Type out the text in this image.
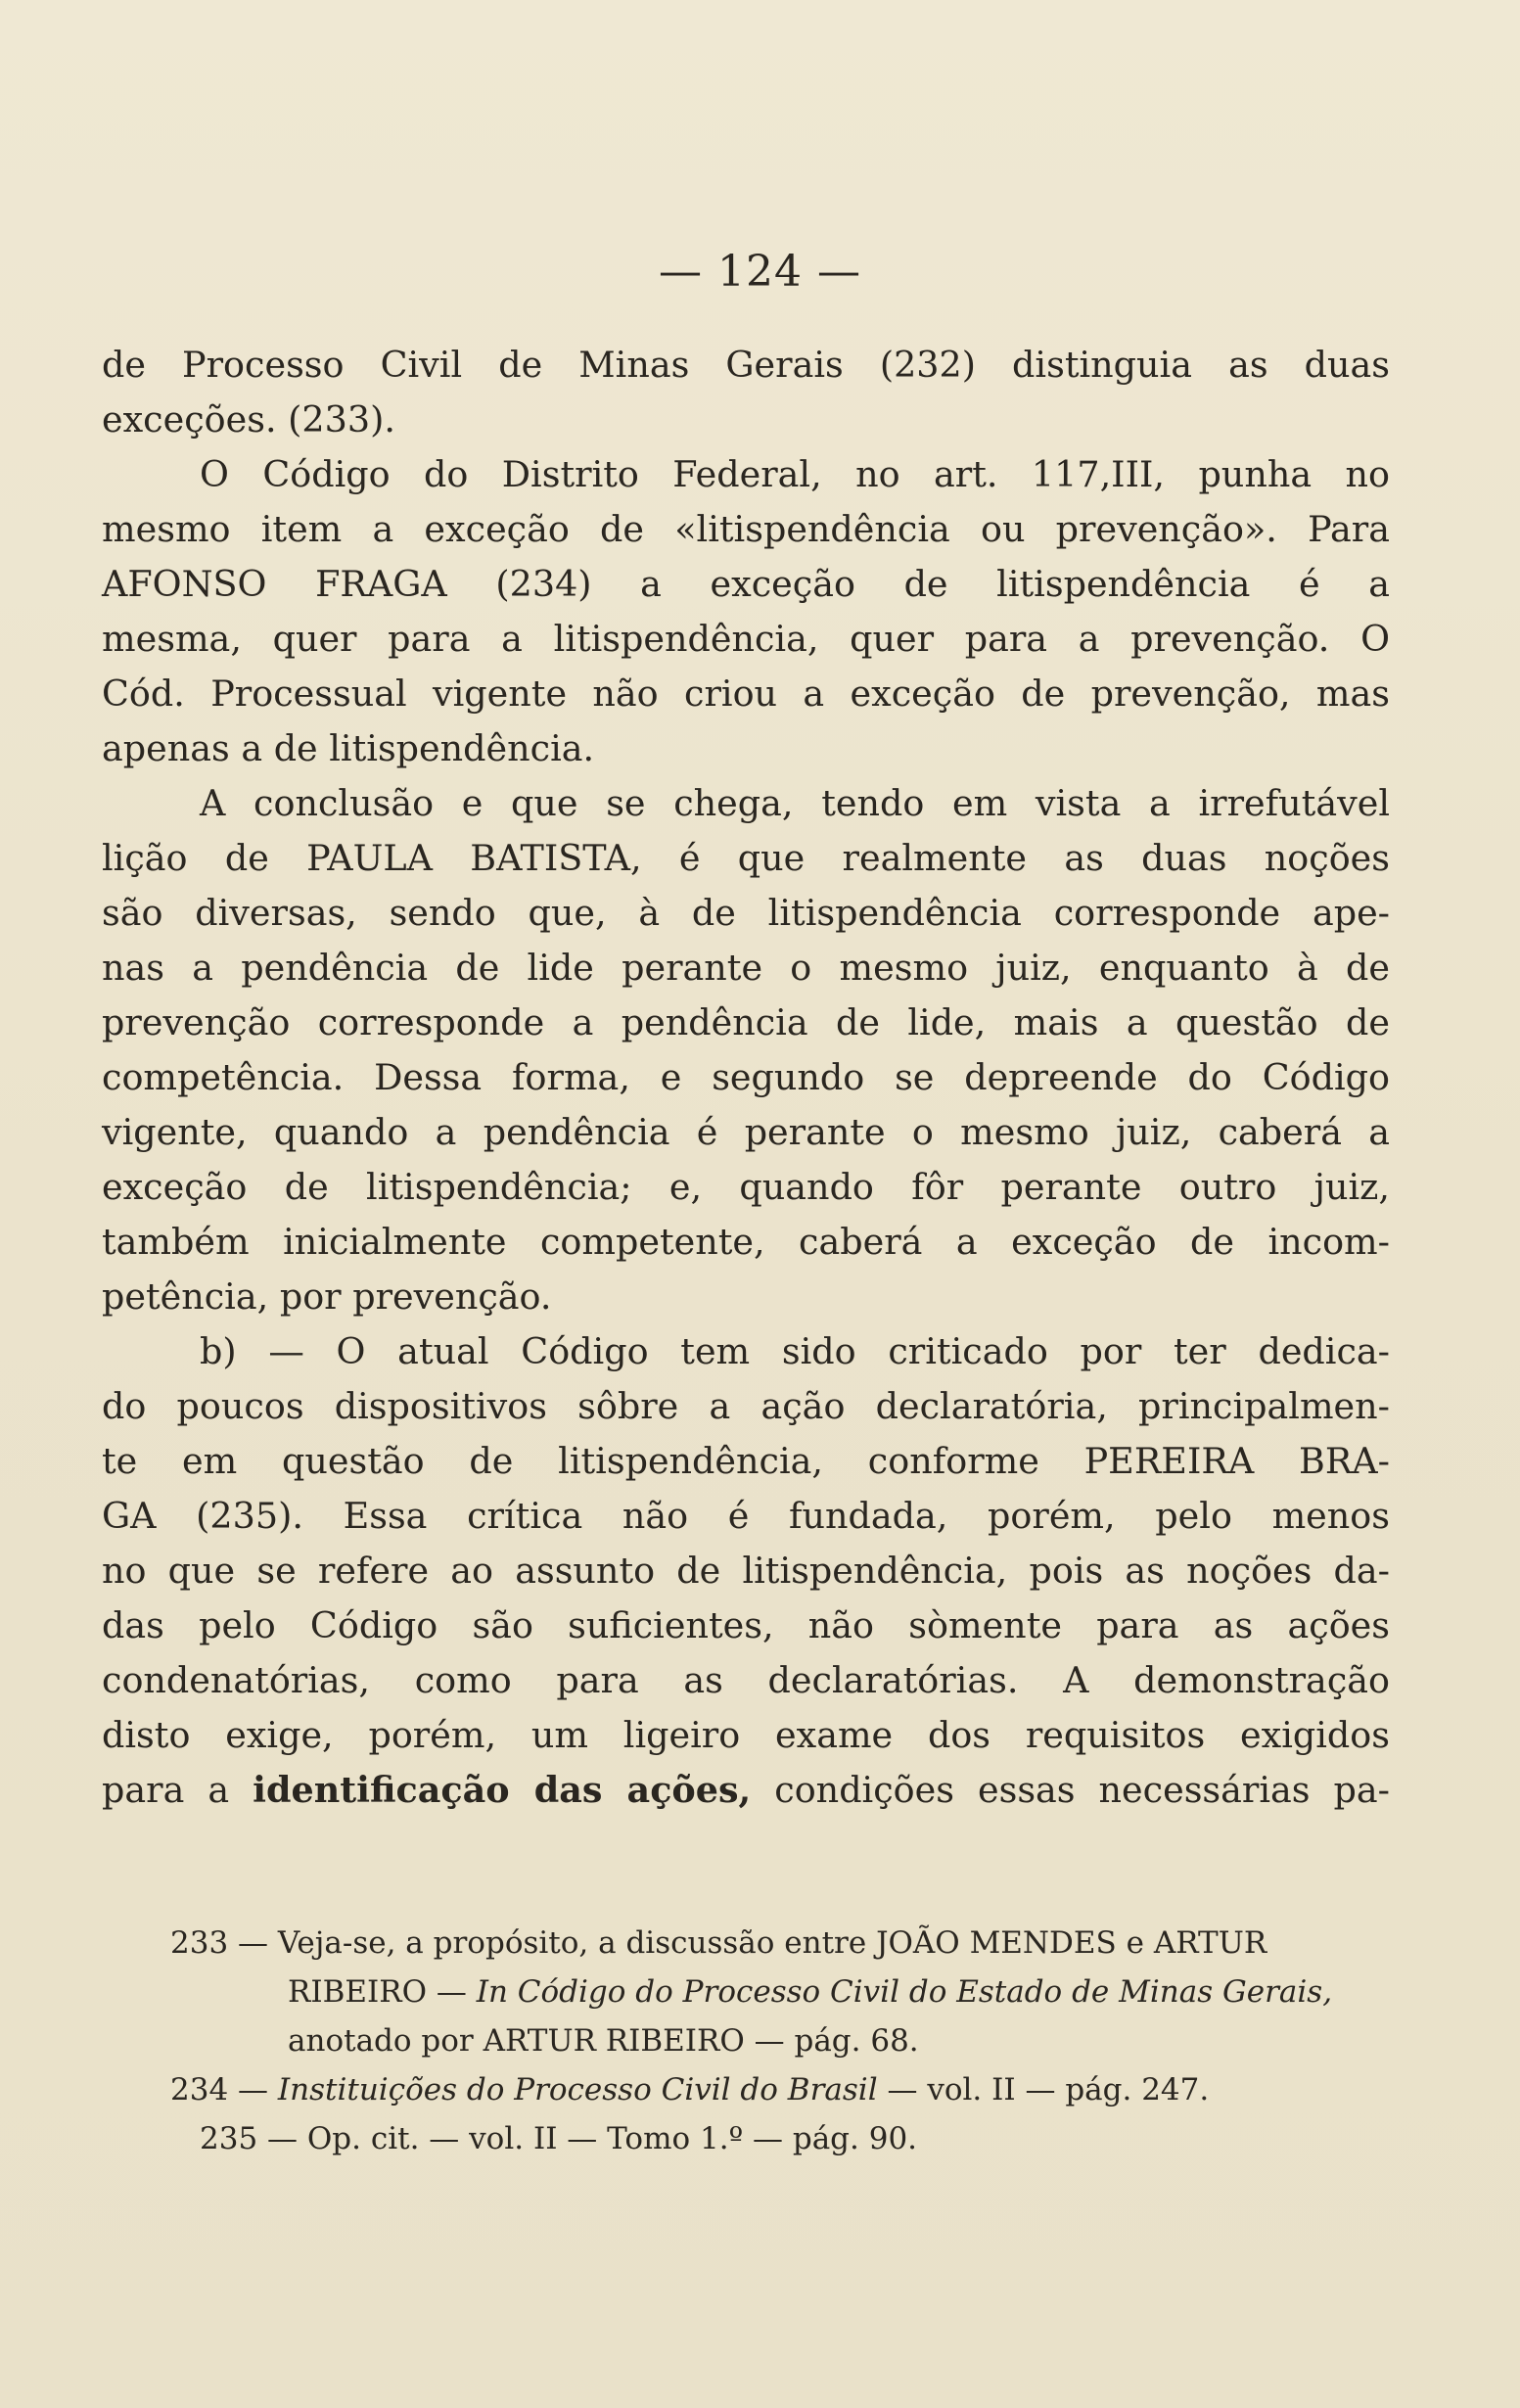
— 124 —
de Processo Civil de Minas Gerais (232) distinguia as duas
exceções. (233).
O Código do Distrito Federal, no art. 117,III, punha no
mesmo item a exceção de «litispendência ou prevenção». Para
AFONSO FRAGA (234) a exceção de litispendência é a
mesma, quer para a litispendência, quer para a prevenção. O
Cód. Processual vigente não criou a exceção de prevenção, mas
apenas a de litispendência.
A conclusão e que se chega, tendo em vista a irrefutável
lição de PAULA BATISTA, é que realmente as duas noções
são diversas, sendo que, à de litispendência corresponde ape-
nas a pendência de lide perante o mesmo juiz, enquanto à de
prevenção corresponde a pendência de lide, mais a questão de
competência. Dessa forma, e segundo se depreende do Código
vigente, quando a pendência é perante o mesmo juiz, caberá a
exceção de litispendência; e, quando fôr perante outro juiz,
também inicialmente competente, caberá a exceção de incom-
petência, por prevenção.
b) — O atual Código tem sido criticado por ter dedica-
do poucos dispositivos sôbre a ação declaratória, principalmen-
te em questão de litispendência, conforme PEREIRA BRA-
GA (235). Essa crítica não é fundada, porém, pelo menos
no que se refere ao assunto de litispendência, pois as noções da-
das pelo Código são suficientes, não sòmente para as ações
condenatórias, como para as declaratórias. A demonstração
disto exige, porém, um ligeiro exame dos requisitos exigidos
para a identificação das ações, condições essas necessárias pa-

233 — Veja-se, a propósito, a discussão entre JOÃO MENDES e ARTUR

RIBEIRO — In Código do Processo Civil do Estado de Minas Gerais,

anotado por ARTUR RIBEIRO — pág. 68.

234 — Instituições do Processo Civil do Brasil — vol. II — pág. 247.

235 — Op. cit. — vol. II — Tomo 1.º — pág. 90.
